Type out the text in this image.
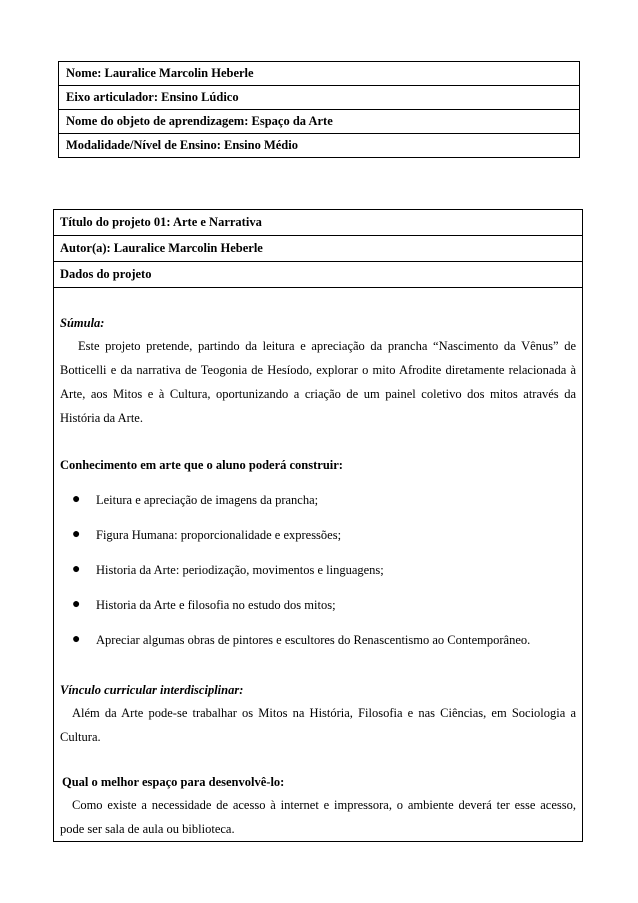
Nome: Lauralice Marcolin Heberle
Eixo articulador: Ensino Lúdico
Nome do objeto de aprendizagem: Espaço da Arte
Modalidade/Nível de Ensino: Ensino Médio
Título do projeto 01: Arte e Narrativa
Autor(a): Lauralice Marcolin Heberle
Dados do projeto

Súmula:

Este projeto pretende, partindo da leitura e apreciação da prancha “Nascimento da Vênus” de Botticelli e da narrativa de Teogonia de Hesíodo, explorar o mito Afrodite diretamente relacionada à Arte, aos Mitos e à Cultura, oportunizando a criação de um painel coletivo dos mitos através da História da Arte.

Conhecimento em arte que o aluno poderá construir:

● Leitura e apreciação de imagens da prancha;
● Figura Humana: proporcionalidade e expressões;
● Historia da Arte: periodização, movimentos e linguagens;
● Historia da Arte e filosofia no estudo dos mitos;
● Apreciar algumas obras de pintores e escultores do Renascentismo ao Contemporâneo.

Vínculo curricular interdisciplinar:

Além da Arte pode-se trabalhar os Mitos na História, Filosofia e nas Ciências, em Sociologia a Cultura.

Qual o melhor espaço para desenvolvê-lo:

Como existe a necessidade de acesso à internet e impressora, o ambiente deverá ter esse acesso, pode ser sala de aula ou biblioteca.
